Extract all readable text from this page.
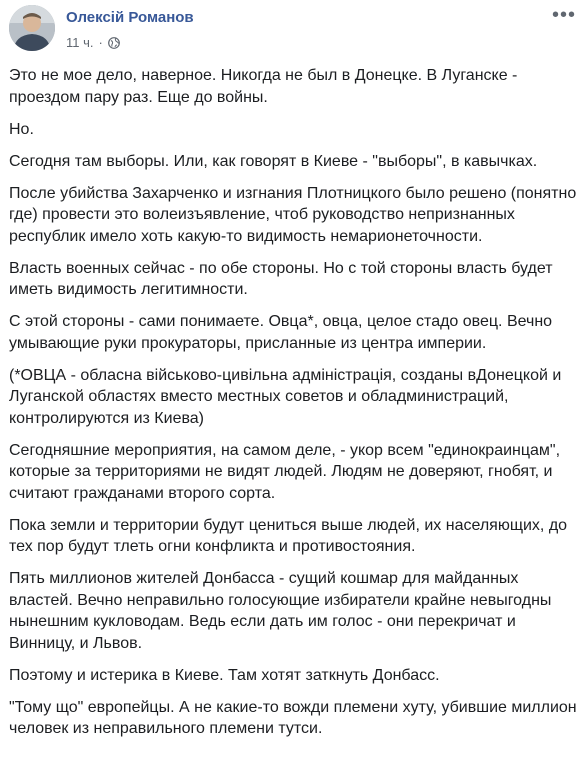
Олексій Романов
11 ч. ·
•••

Это не мое дело, наверное. Никогда не был в Донецке. В Луганске - проездом пару раз. Еще до войны.

Но.

Сегодня там выборы. Или, как говорят в Киеве - "выборы", в кавычках.

После убийства Захарченко и изгнания Плотницкого было решено (понятно где) провести это волеизъявление, чтоб руководство непризнанных республик имело хоть какую-то видимость немарионеточности.

Власть военных сейчас - по обе стороны. Но с той стороны власть будет иметь видимость легитимности.

С этой стороны - сами понимаете. Овца*, овца, целое стадо овец. Вечно умывающие руки прокураторы, присланные из центра империи.

(*ОВЦА - обласна військово-цивільна адміністрація, созданы вДонецкой и Луганской областях вместо местных советов и обладминистраций, контролируются из Киева)

Сегодняшние мероприятия, на самом деле, - укор всем "единокраинцам", которые за территориями не видят людей. Людям не доверяют, гнобят, и считают гражданами второго сорта.

Пока земли и территории будут цениться выше людей, их населяющих, до тех пор будут тлеть огни конфликта и противостояния.

Пять миллионов жителей Донбасса - сущий кошмар для майданных властей. Вечно неправильно голосующие избиратели крайне невыгодны нынешним кукловодам. Ведь если дать им голос - они перекричат и Винницу, и Львов.

Поэтому и истерика в Киеве. Там хотят заткнуть Донбасс.

"Тому що" европейцы. А не какие-то вожди племени хуту, убившие миллион человек из неправильного племени тутси.
